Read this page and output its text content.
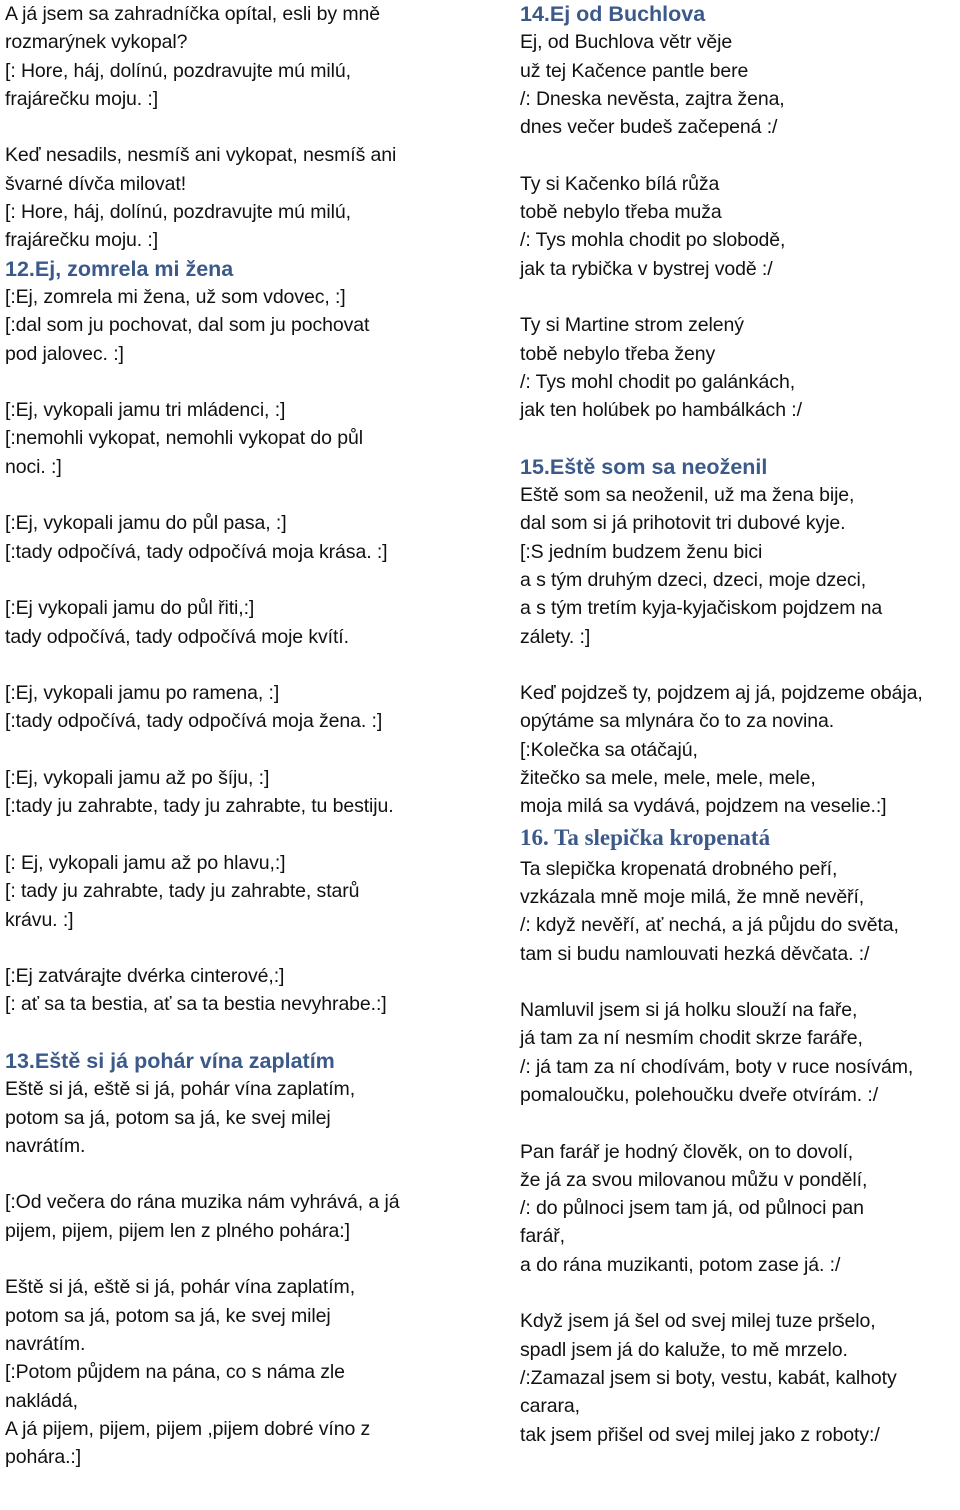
A já jsem sa zahradníčka opítal, esli by mně
rozmarýnek vykopal?
[: Hore, háj, dolínú, pozdravujte mú milú,
frajárečku moju. :]
Keď nesadils, nesmíš ani vykopat, nesmíš ani
švarné dívča milovat!
[: Hore, háj, dolínú, pozdravujte mú milú,
frajárečku moju. :]
12.Ej, zomrela mi žena
[:Ej, zomrela mi žena, už som vdovec, :]
[:dal som ju pochovat, dal som ju pochovat
pod jalovec. :]
[:Ej, vykopali jamu tri mládenci, :]
[:nemohli vykopat, nemohli vykopat do půl
noci. :]
[:Ej, vykopali jamu do půl pasa, :]
[:tady odpočívá, tady odpočívá moja krása. :]
[:Ej vykopali jamu do půl řiti,:]
tady odpočívá, tady odpočívá moje kvítí.
[:Ej, vykopali jamu po ramena, :]
[:tady odpočívá, tady odpočívá moja žena. :]
[:Ej, vykopali jamu až po šíju, :]
[:tady ju zahrabte, tady ju zahrabte, tu bestiju.
[: Ej, vykopali jamu až po hlavu,:]
[: tady ju zahrabte, tady ju zahrabte, starů
krávu. :]
[:Ej zatvárajte dvérka cinterové,:]
[: ať sa ta bestia, ať sa ta bestia nevyhrabe.:]
13.Eště si já pohár vína zaplatím
Eště si já, eště si já, pohár vína zaplatím,
potom sa já, potom sa já, ke svej milej
navrátím.
[:Od večera do rána muzika nám vyhrává, a já
pijem, pijem, pijem len z plného pohára:]
Eště si já, eště si já, pohár vína zaplatím,
potom sa já, potom sa já, ke svej milej
navrátím.
[:Potom půjdem na pána, co s náma zle
nakládá,
A já pijem, pijem, pijem ,pijem dobré víno z
pohára.:]
14.Ej od Buchlova
Ej, od Buchlova větr věje
už tej Kačence pantle bere
/: Dneska nevěsta, zajtra žena,
dnes večer budeš začepená :/
Ty si Kačenko bílá růža
tobě nebylo třeba muža
/: Tys mohla chodit po slobodě,
jak ta rybička v bystrej vodě :/
Ty si Martine strom zelený
tobě nebylo třeba ženy
/: Tys mohl chodit po galánkách,
jak ten holúbek po hambálkách :/
15.Eště som sa neoženil
Eště som sa neoženil, už ma žena bije,
dal som si já prihotovit tri dubové kyje.
[:S jedním budzem ženu bici
a s tým druhým dzeci, dzeci, moje dzeci,
a s tým tretím kyja-kyjačiskom pojdzem na
zálety. :]
Keď pojdzeš ty, pojdzem aj já, pojdzeme obája,
opýtáme sa mlynára čo to za novina.
[:Kolečka sa otáčajú,
žitečko sa mele, mele, mele, mele,
moja milá sa vydává, pojdzem na veselie.:]
16. Ta slepička kropenatá
Ta slepička kropenatá drobného peří,
vzkázala mně moje milá, že mně nevěří,
/: když nevěří, ať nechá, a já půjdu do světa,
tam si budu namlouvati hezká děvčata. :/
Namluvil jsem si já holku slouží na faře,
já tam za ní nesmím chodit skrze faráře,
/: já tam za ní chodívám, boty v ruce nosívám,
pomaloučku, polehoučku dveře otvírám. :/
Pan farář je hodný člověk, on to dovolí,
že já za svou milovanou můžu v pondělí,
/: do půlnoci jsem tam já, od půlnoci pan
farář,
a do rána muzikanti, potom zase já. :/
Když jsem já šel od svej milej tuze pršelo,
spadl jsem já do kaluže, to mě mrzelo.
/:Zamazal jsem si boty, vestu, kabát, kalhoty
carara,
tak jsem přišel od svej milej jako z roboty:/
